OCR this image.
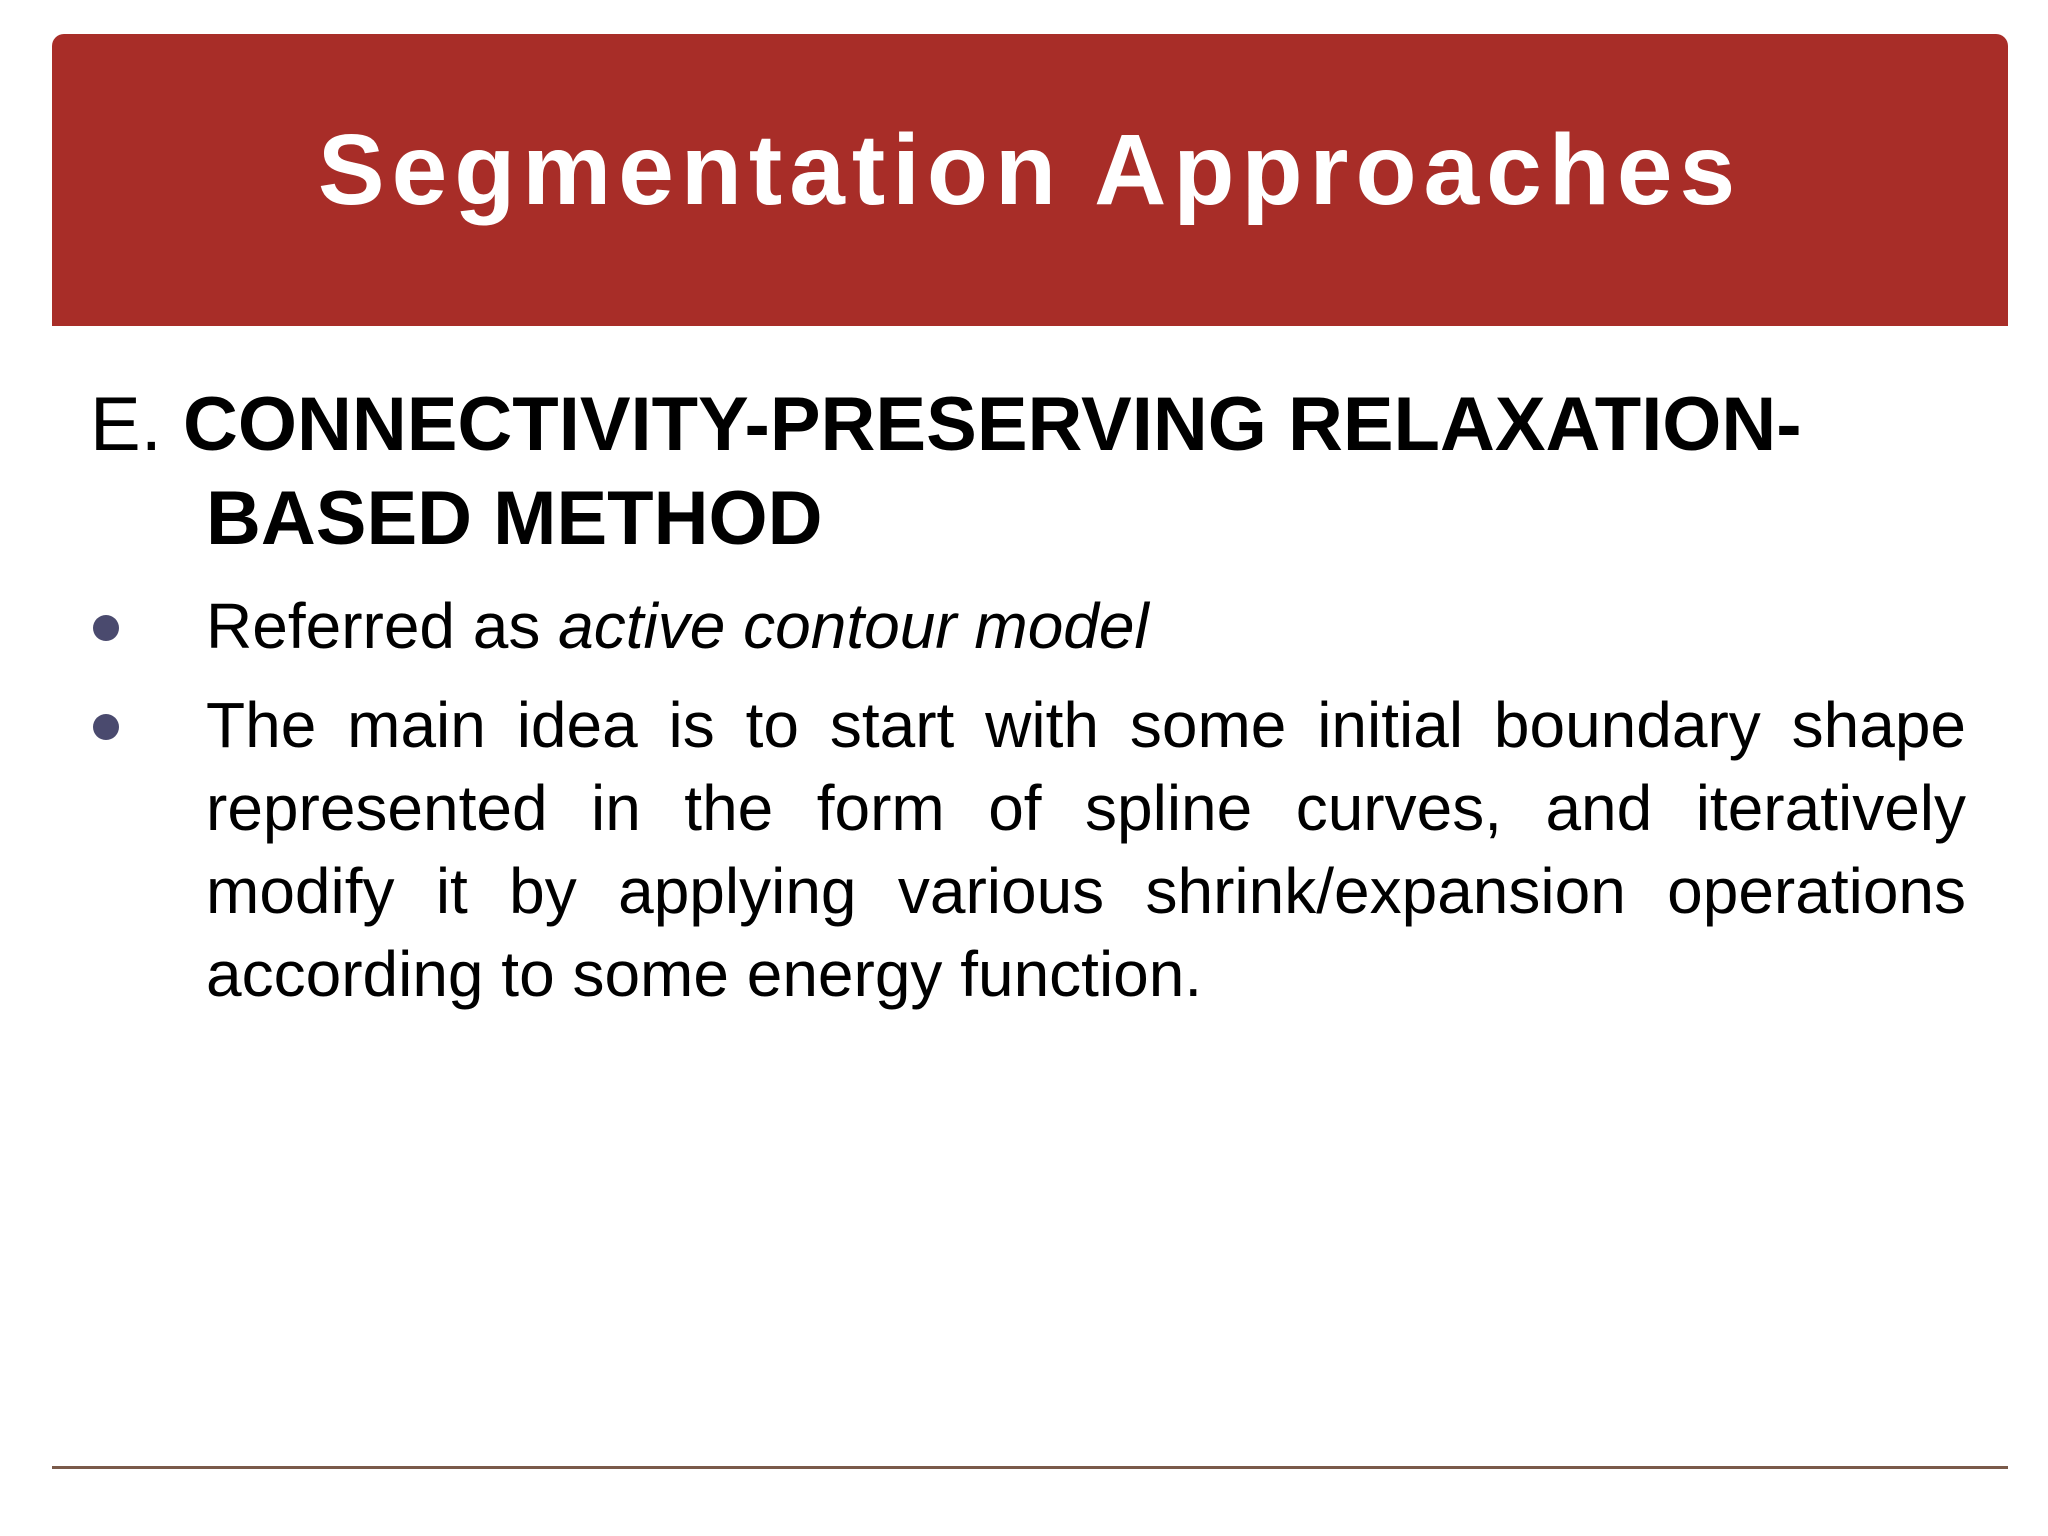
Segmentation Approaches
E. CONNECTIVITY-PRESERVING RELAXATION-
BASED METHOD
Referred as active contour model
The main idea is to start with some initial boundary shape
represented in the form of spline curves, and iteratively
modify it by applying various shrink/expansion operations
according to some energy function.
